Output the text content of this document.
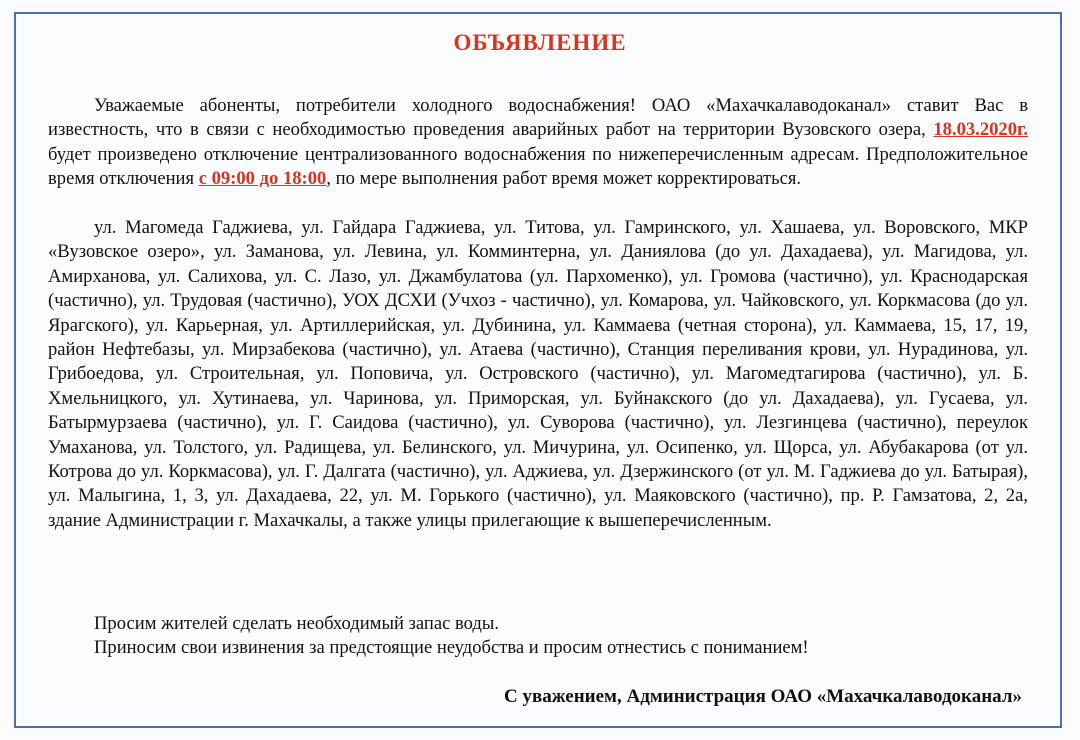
ОБЪЯВЛЕНИЕ

Уважаемые абоненты, потребители холодного водоснабжения! ОАО «Махачкалаводоканал» ставит Вас в известность, что в связи с необходимостью проведения аварийных работ на территории Вузовского озера, 18.03.2020г. будет произведено отключение централизованного водоснабжения по нижеперечисленным адресам. Предположительное время отключения с 09:00 до 18:00, по мере выполнения работ время может корректироваться.

ул. Магомеда Гаджиева, ул. Гайдара Гаджиева, ул. Титова, ул. Гамринского, ул. Хашаева, ул. Воровского, МКР «Вузовское озеро», ул. Заманова, ул. Левина, ул. Комминтерна, ул. Даниялова (до ул. Дахадаева), ул. Магидова, ул. Амирханова, ул. Салихова, ул. С. Лазо, ул. Джамбулатова (ул. Пархоменко), ул. Громова (частично), ул. Краснодарская (частично), ул. Трудовая (частично), УОХ ДСХИ (Учхоз - частично), ул. Комарова, ул. Чайковского, ул. Коркмасова (до ул. Ярагского), ул. Карьерная, ул. Артиллерийская, ул. Дубинина, ул. Каммаева (четная сторона), ул. Каммаева, 15, 17, 19, район Нефтебазы, ул. Мирзабекова (частично), ул. Атаева (частично), Станция переливания крови, ул. Нурадинова, ул. Грибоедова, ул. Строительная, ул. Поповича, ул. Островского (частично), ул. Магомедтагирова (частично), ул. Б. Хмельницкого, ул. Хутинаева, ул. Чаринова, ул. Приморская, ул. Буйнакского (до ул. Дахадаева), ул. Гусаева, ул. Батырмурзаева (частично), ул. Г. Саидова (частично), ул. Суворова (частично), ул. Лезгинцева (частично), переулок Умаханова, ул. Толстого, ул. Радищева, ул. Белинского, ул. Мичурина, ул. Осипенко, ул. Щорса, ул. Абубакарова (от ул. Котрова до ул. Коркмасова), ул. Г. Далгата (частично), ул. Аджиева, ул. Дзержинского (от ул. М. Гаджиева до ул. Батырая), ул. Малыгина, 1, 3, ул. Дахадаева, 22, ул. М. Горького (частично), ул. Маяковского (частично), пр. Р. Гамзатова, 2, 2а, здание Администрации г. Махачкалы, а также улицы прилегающие к вышеперечисленным.

Просим жителей сделать необходимый запас воды.

Приносим свои извинения за предстоящие неудобства и просим отнестись с пониманием!

С уважением, Администрация ОАО «Махачкалаводоканал»
